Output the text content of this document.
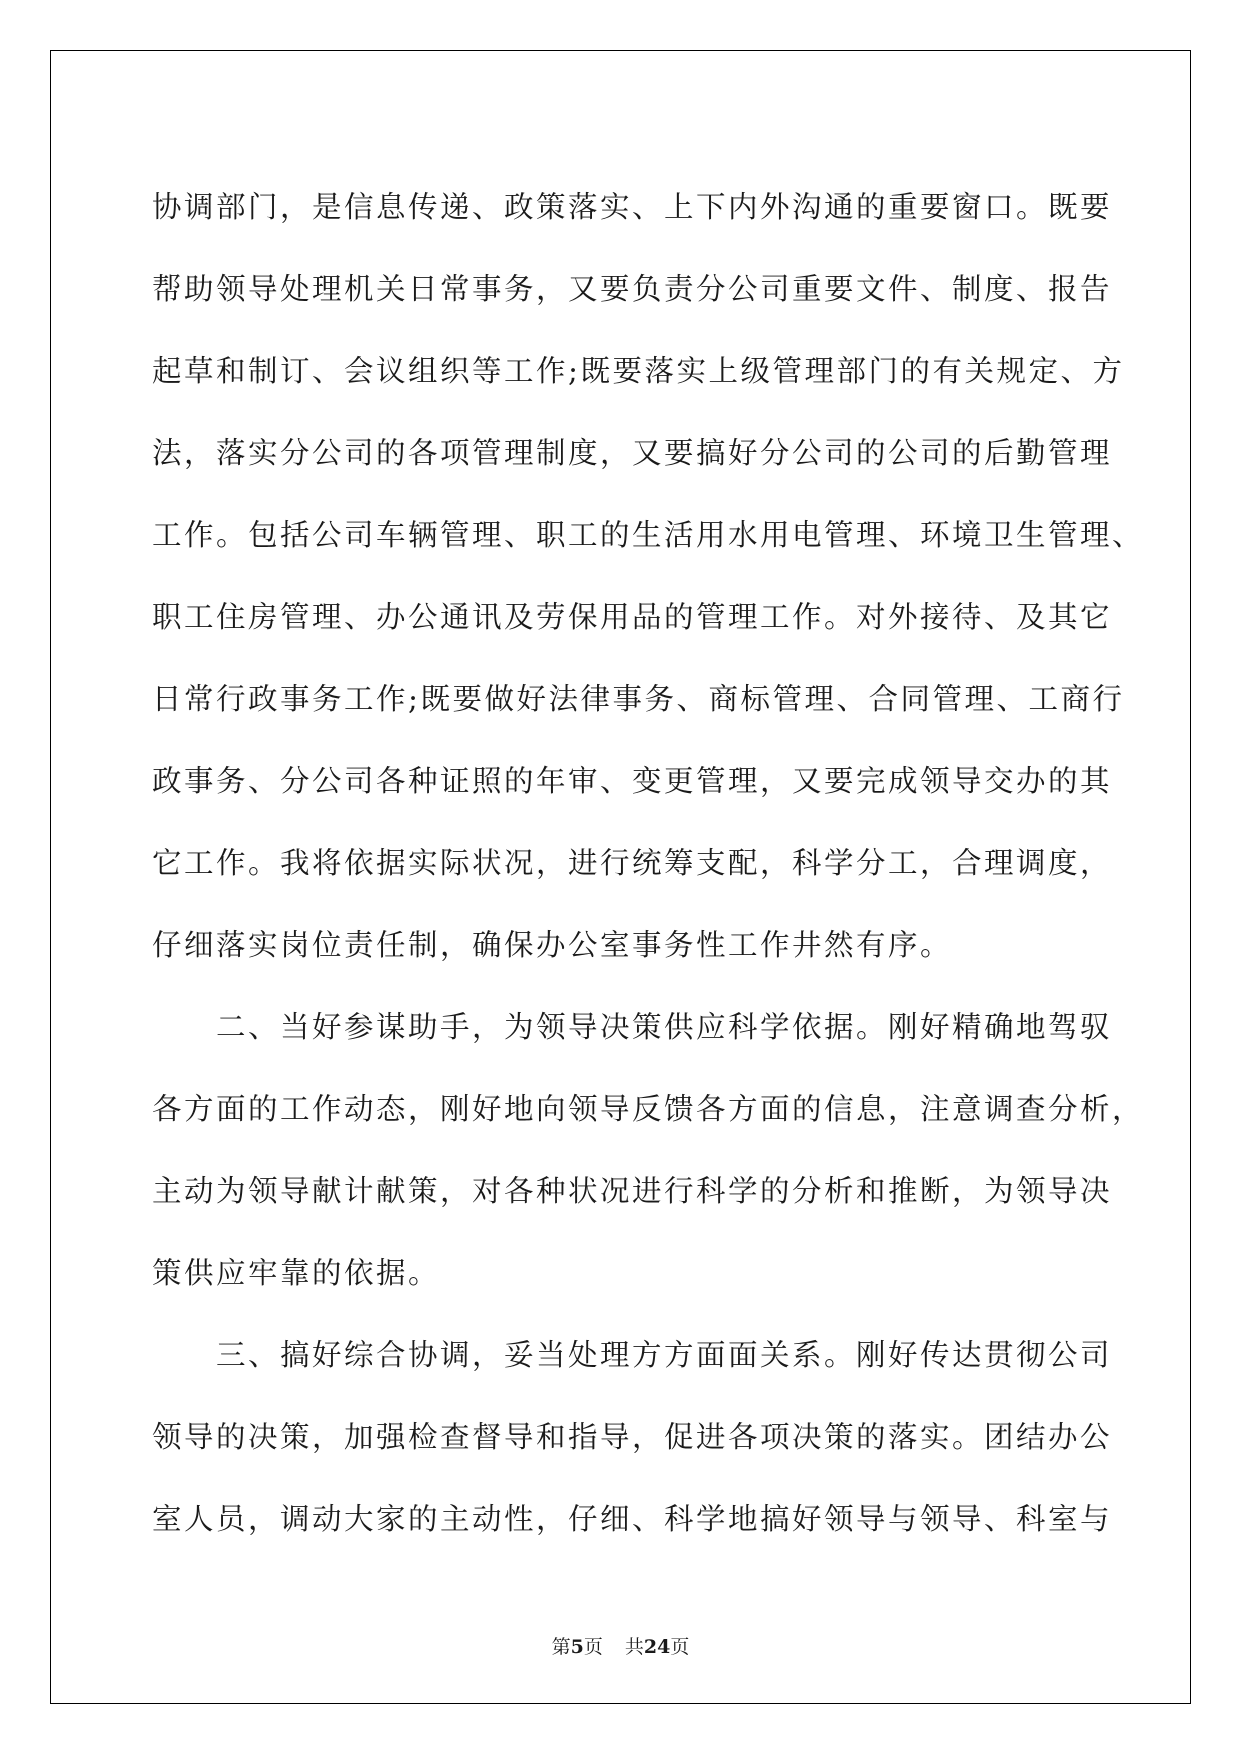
协调部门，是信息传递、政策落实、上下内外沟通的重要窗口。既要
帮助领导处理机关日常事务，又要负责分公司重要文件、制度、报告
起草和制订、会议组织等工作;既要落实上级管理部门的有关规定、方
法，落实分公司的各项管理制度，又要搞好分公司的公司的后勤管理
工作。包括公司车辆管理、职工的生活用水用电管理、环境卫生管理、
职工住房管理、办公通讯及劳保用品的管理工作。对外接待、及其它
日常行政事务工作;既要做好法律事务、商标管理、合同管理、工商行
政事务、分公司各种证照的年审、变更管理，又要完成领导交办的其
它工作。我将依据实际状况，进行统筹支配，科学分工，合理调度，
仔细落实岗位责任制，确保办公室事务性工作井然有序。
　　二、当好参谋助手，为领导决策供应科学依据。刚好精确地驾驭
各方面的工作动态，刚好地向领导反馈各方面的信息，注意调查分析，
主动为领导献计献策，对各种状况进行科学的分析和推断，为领导决
策供应牢靠的依据。
　　三、搞好综合协调，妥当处理方方面面关系。刚好传达贯彻公司
领导的决策，加强检查督导和指导，促进各项决策的落实。团结办公
室人员，调动大家的主动性，仔细、科学地搞好领导与领导、科室与
第5页 共24页
